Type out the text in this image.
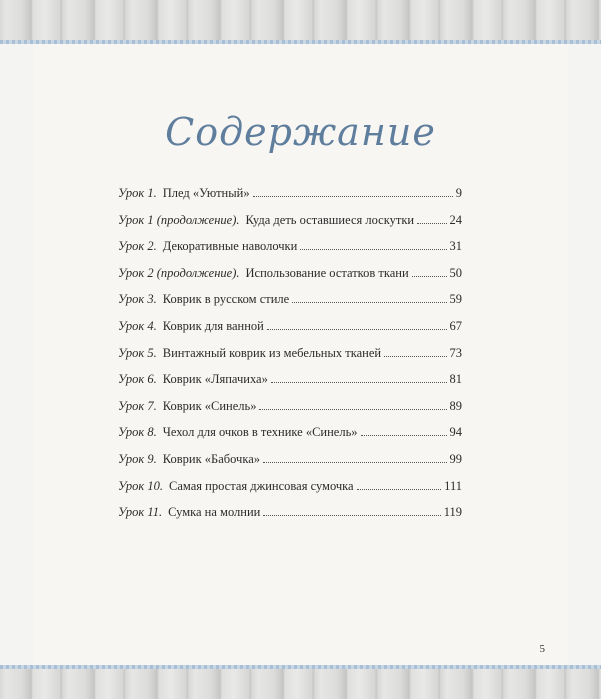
Содержание
Урок 1. Плед «Уютный»	9
Урок 1 (продолжение). Куда деть оставшиеся лоскутки	24
Урок 2. Декоративные наволочки	31
Урок 2 (продолжение). Использование остатков ткани	50
Урок 3. Коврик в русском стиле	59
Урок 4. Коврик для ванной	67
Урок 5. Винтажный коврик из мебельных тканей	73
Урок 6. Коврик «Ляпачиха»	81
Урок 7. Коврик «Синель»	89
Урок 8. Чехол для очков в технике «Синель»	94
Урок 9. Коврик «Бабочка»	99
Урок 10. Самая простая джинсовая сумочка	111
Урок 11. Сумка на молнии	119
5
